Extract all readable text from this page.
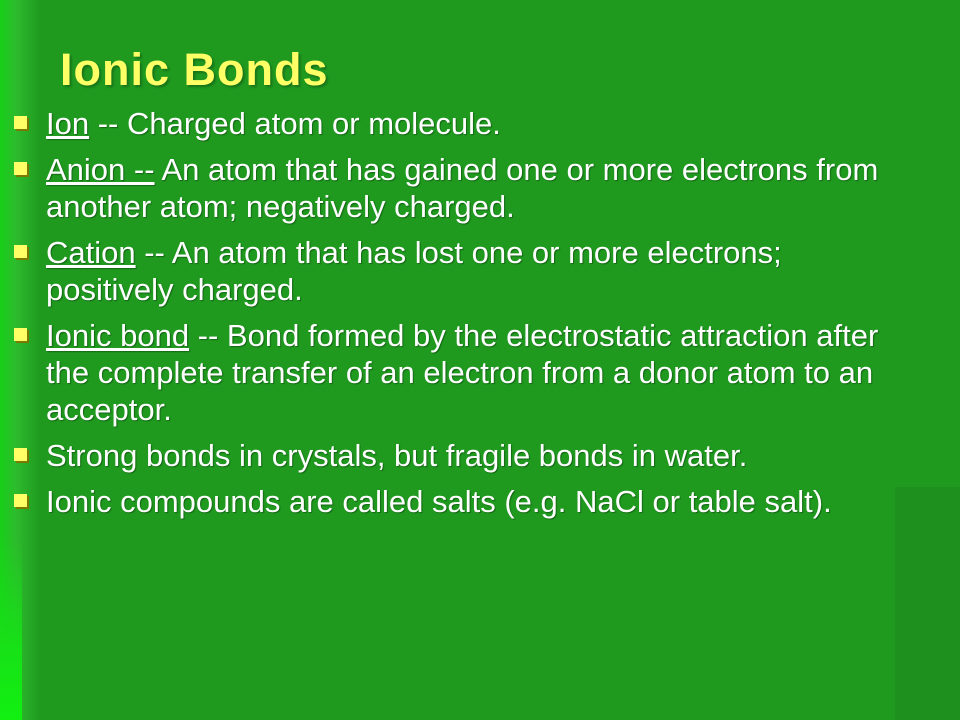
Ionic Bonds
Ion -- Charged atom or molecule.
Anion -- An atom that has gained one or more electrons from another atom; negatively charged.
Cation -- An atom that has lost one or more electrons; positively charged.
Ionic bond -- Bond formed by the electrostatic attraction after the complete transfer of an electron from a donor atom to an acceptor.
Strong bonds in crystals, but fragile bonds in water.
Ionic compounds are called salts (e.g. NaCl or table salt).
